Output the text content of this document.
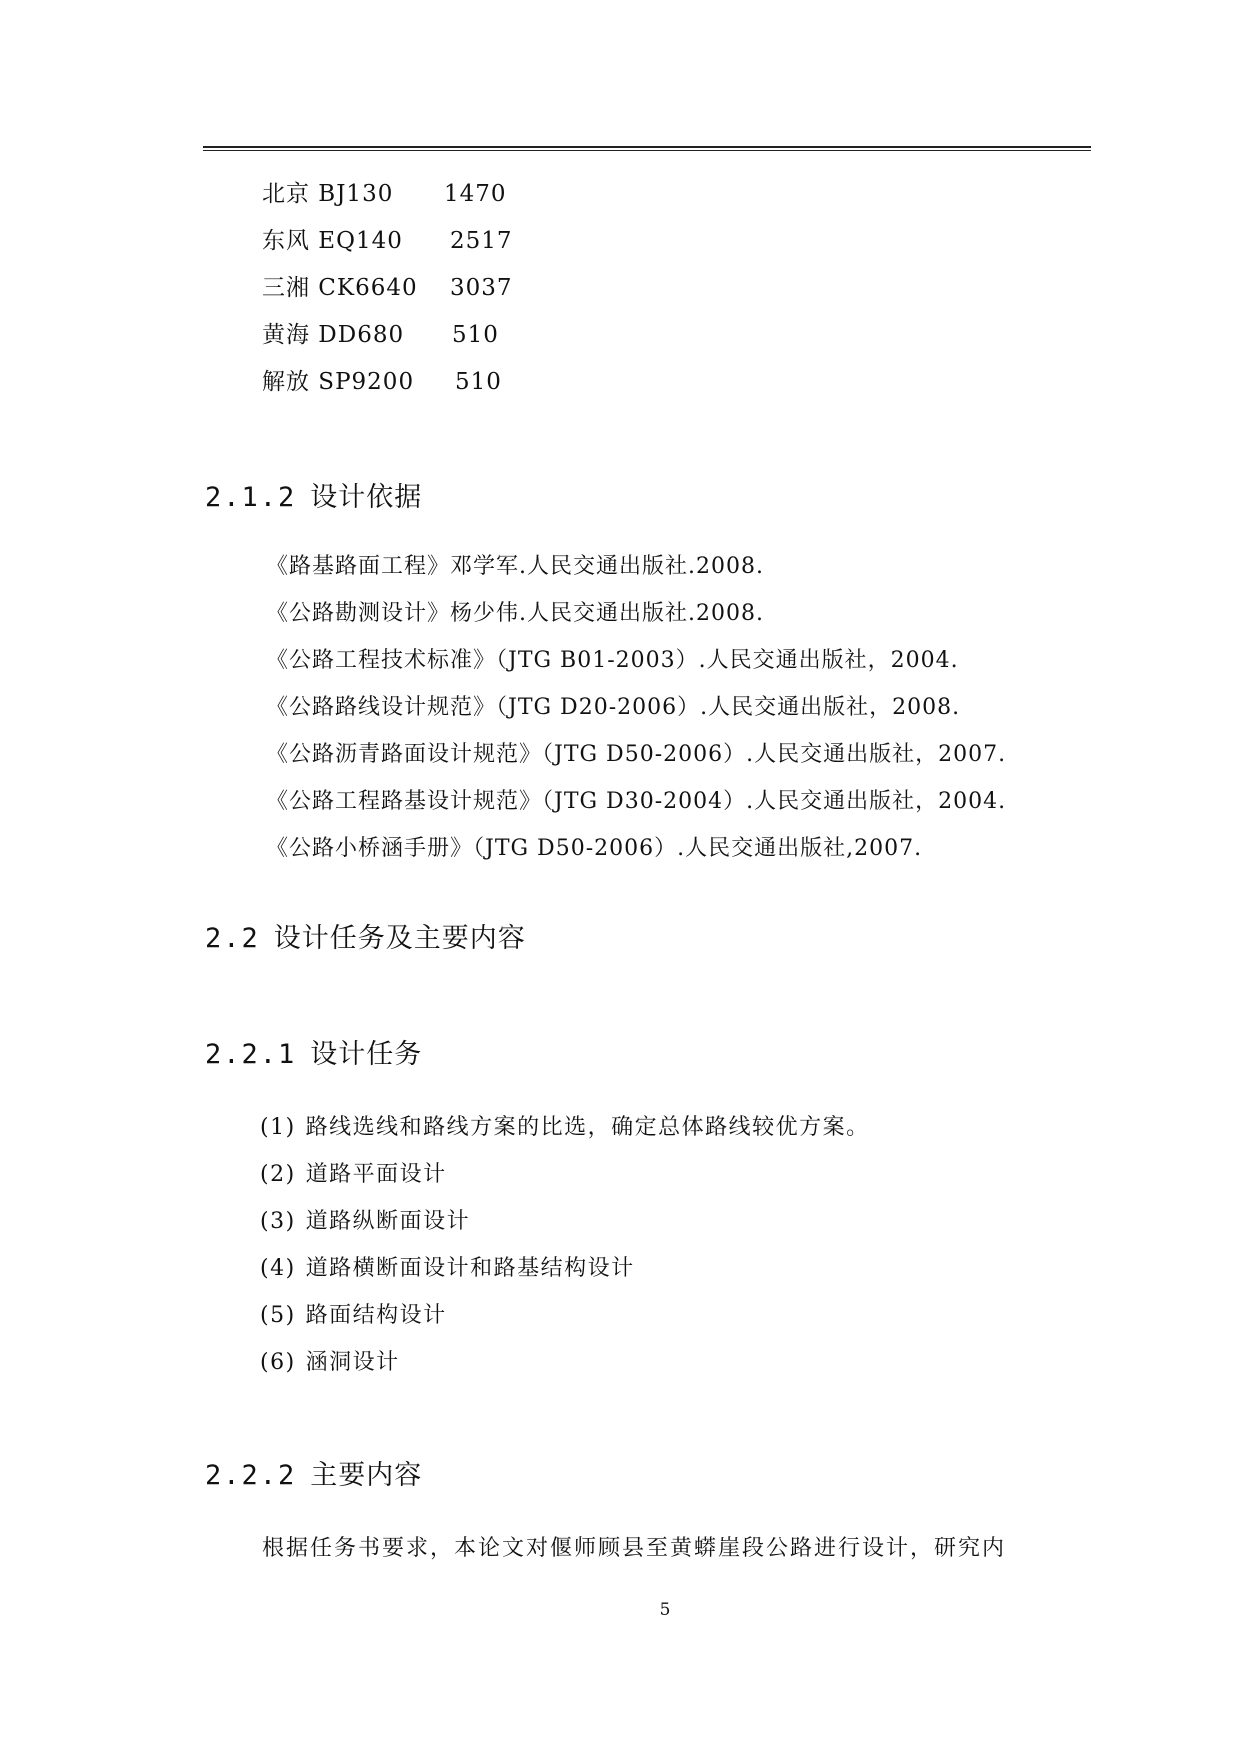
北京 BJ130 1470
东风 EQ140 2517
三湘 CK6640 3037
黄海 DD680 510
解放 SP9200 510
2.1.2 设计依据
《路基路面工程》邓学军.人民交通出版社.2008.
《公路勘测设计》杨少伟.人民交通出版社.2008.
《公路工程技术标准》（JTG B01-2003）.人民交通出版社，2004.
《公路路线设计规范》（JTG D20-2006）.人民交通出版社，2008.
《公路沥青路面设计规范》（JTG D50-2006）.人民交通出版社，2007.
《公路工程路基设计规范》（JTG D30-2004）.人民交通出版社，2004.
《公路小桥涵手册》（JTG D50-2006）.人民交通出版社,2007.
2.2 设计任务及主要内容
2.2.1 设计任务
(1) 路线选线和路线方案的比选，确定总体路线较优方案。
(2) 道路平面设计
(3) 道路纵断面设计
(4) 道路横断面设计和路基结构设计
(5) 路面结构设计
(6) 涵洞设计
2.2.2 主要内容
根据任务书要求，本论文对偃师顾县至黄蟒崖段公路进行设计，研究内
5
